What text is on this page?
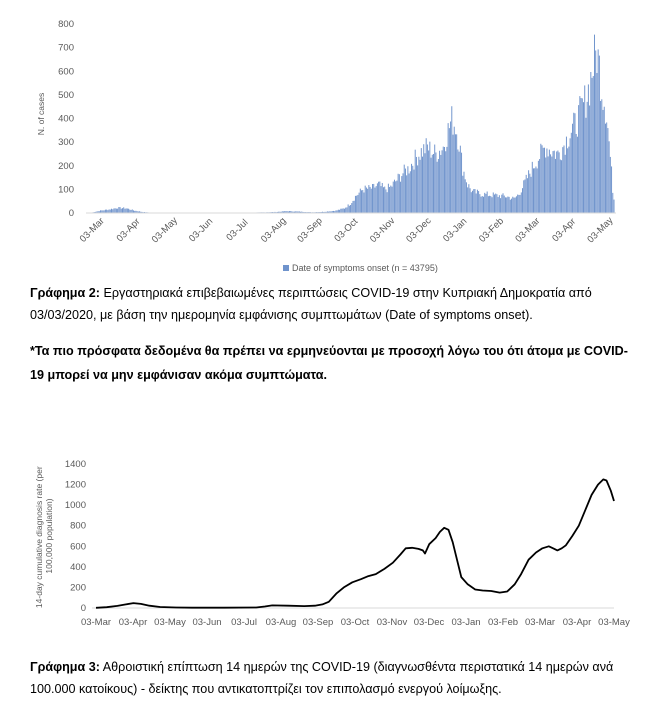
0
100
200
300
400
500
600
700
800
03-Mar 03-Apr 03-May 03-Jun 03-Jul 03-Aug 03-Sep 03-Oct 03-Nov 03-Dec 03-Jan 03-Feb 03-Mar 03-Apr 03-May
N. of cases
Date of symptoms onset (n = 43795)

Γράφημα 2: Εργαστηριακά επιβεβαιωμένες περιπτώσεις COVID-19 στην Κυπριακή Δημοκρατία από 03/03/2020, με βάση την ημερομηνία εμφάνισης συμπτωμάτων (Date of symptoms onset).

*Τα πιο πρόσφατα δεδομένα θα πρέπει να ερμηνεύονται με προσοχή λόγω του ότι άτομα με COVID-19 μπορεί να μην εμφάνισαν ακόμα συμπτώματα.

0
200
400
600
800
1000
1200
1400
03-Mar 03-Apr 03-May 03-Jun 03-Jul 03-Aug 03-Sep 03-Oct 03-Nov 03-Dec 03-Jan 03-Feb 03-Mar 03-Apr 03-May
14-day cumulative diagnosis rate (per 100,000 population)

Γράφημα 3: Αθροιστική επίπτωση 14 ημερών της COVID-19 (διαγνωσθέντα περιστατικά 14 ημερών ανά 100.000 κατοίκους) - δείκτης που αντικατοπτρίζει τον επιπολασμό ενεργού λοίμωξης.
